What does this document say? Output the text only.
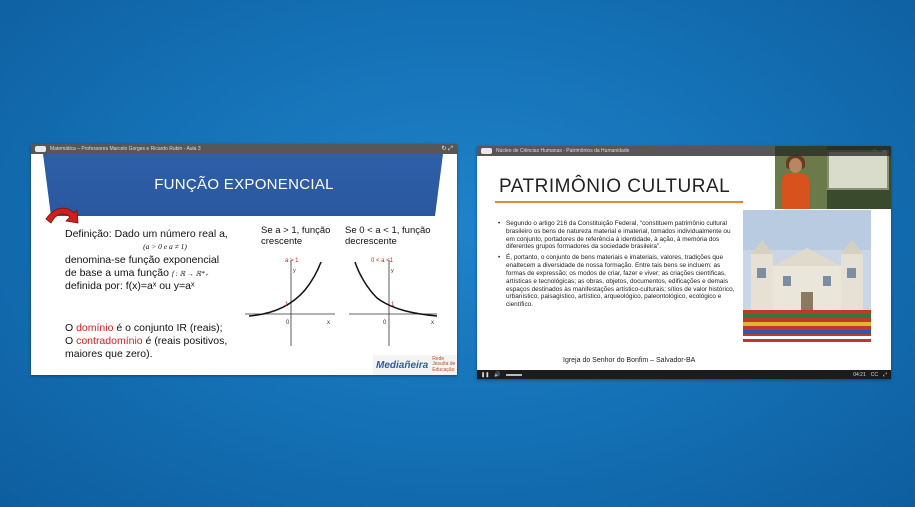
Matemática – Professores Marcelo Gorges e Ricardo Rubin - Aula 3	↻ ⤢
FUNÇÃO EXPONENCIAL
Definição: Dado um número real a,
(a > 0 e a ≠ 1)
denomina-se função exponencial
de base a uma função f : ℝ → ℝ*₊
definida por: f(x)=aˣ ou y=aˣ
O domínio é o conjunto IR (reais);
O contradomínio é (reais positivos, maiores que zero).
Se a > 1, função crescente
Se 0 < a < 1, função decrescente
a > 1
1
0
y
x
0 < a <1
1
0
y
x
Mediañeira
Rede Jesuíta de Educação
Núcleo de Ciências Humanas - Patrimônios da Humanidade
PATRIMÔNIO CULTURAL
• Segundo o artigo 216 da Constituição Federal, “constituem patrimônio cultural brasileiro os bens de natureza material e imaterial, tomados individualmente ou em conjunto, portadores de referência à identidade, à ação, à memória dos diferentes grupos formadores da sociedade brasileira”.
• É, portanto, o conjunto de bens materiais e imateriais, valores, tradições que enaltecem a diversidade de nossa formação. Entre tais bens se incluem: as formas de expressão; os modos de criar, fazer e viver; as criações científicas, artísticas e tecnológicas; as obras, objetos, documentos, edificações e demais espaços destinados às manifestações artístico-culturais; sítios de valor histórico, urbanístico, paisagístico, artístico, arqueológico, paleontológico, ecológico e científico.
Igreja do Senhor do Bonfim – Salvador-BA
❚❚ 🔊	04:21 CC ⤢
